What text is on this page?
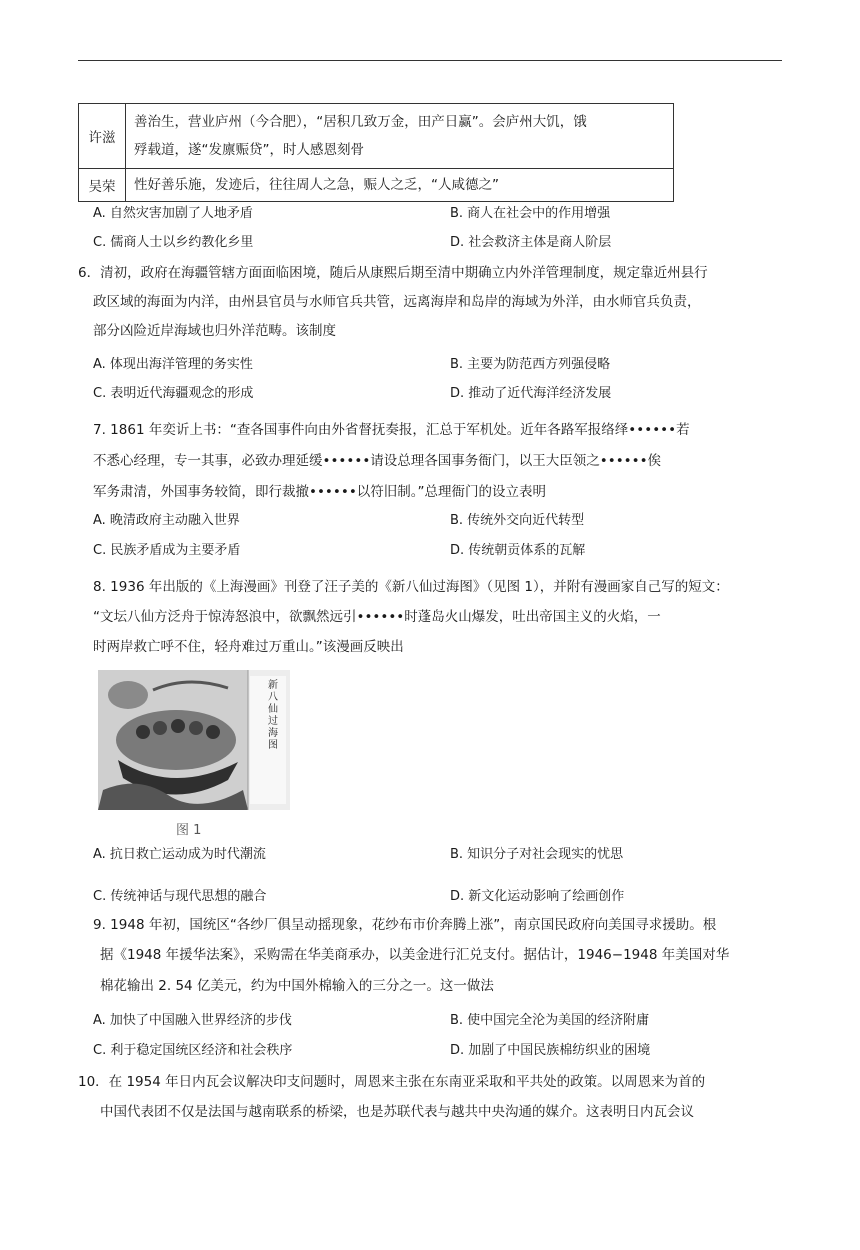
许滋	善治生，营业庐州（今合肥），“居积几致万金，田产日赢”。会庐州大饥，饿
殍载道，遂“发廪赈贷”，时人感恩刻骨

吴荣	性好善乐施，发迹后，往往周人之急，赈人之乏，“人咸德之”
A. 自然灾害加剧了人地矛盾	B. 商人在社会中的作用增强
C. 儒商人士以乡约教化乡里	D. 社会救济主体是商人阶层
6．清初，政府在海疆管辖方面面临困境，随后从康熙后期至清中期确立内外洋管理制度，规定靠近州县行
政区域的海面为内洋，由州县官员与水师官兵共管，远离海岸和岛岸的海域为外洋，由水师官兵负责，
部分凶险近岸海域也归外洋范畴。该制度
A. 体现出海洋管理的务实性	B. 主要为防范西方列强侵略
C. 表明近代海疆观念的形成	D. 推动了近代海洋经济发展
7. 1861 年奕䜣上书：“查各国事件向由外省督抚奏报，汇总于军机处。近年各路军报络绎••••••若
不悉心经理，专一其事，必致办理延缓••••••请设总理各国事务衙门，以王大臣领之••••••俟
军务肃清，外国事务较简，即行裁撤••••••以符旧制。”总理衙门的设立表明
A. 晚清政府主动融入世界	B. 传统外交向近代转型
C. 民族矛盾成为主要矛盾	D. 传统朝贡体系的瓦解
8. 1936 年出版的《上海漫画》刊登了汪子美的《新八仙过海图》（见图 1），并附有漫画家自己写的短文：
“文坛八仙方泛舟于惊涛怒浪中，欲飘然远引••••••时蓬岛火山爆发，吐出帝国主义的火焰，一
时两岸救亡呼不住，轻舟难过万重山。”该漫画反映出
新八仙过海图
图 1
A. 抗日救亡运动成为时代潮流	B. 知识分子对社会现实的忧思
C. 传统神话与现代思想的融合	D. 新文化运动影响了绘画创作
9. 1948 年初，国统区“各纱厂俱呈动摇现象，花纱布市价奔腾上涨”，南京国民政府向美国寻求援助。根
据《1948 年援华法案》，采购需在华美商承办，以美金进行汇兑支付。据估计，1946−1948 年美国对华
棉花输出 2. 54 亿美元，约为中国外棉输入的三分之一。这一做法
A. 加快了中国融入世界经济的步伐	B. 使中国完全沦为美国的经济附庸
C. 利于稳定国统区经济和社会秩序	D. 加剧了中国民族棉纺织业的困境
10．在 1954 年日内瓦会议解决印支问题时，周恩来主张在东南亚采取和平共处的政策。以周恩来为首的
中国代表团不仅是法国与越南联系的桥梁，也是苏联代表与越共中央沟通的媒介。这表明日内瓦会议
